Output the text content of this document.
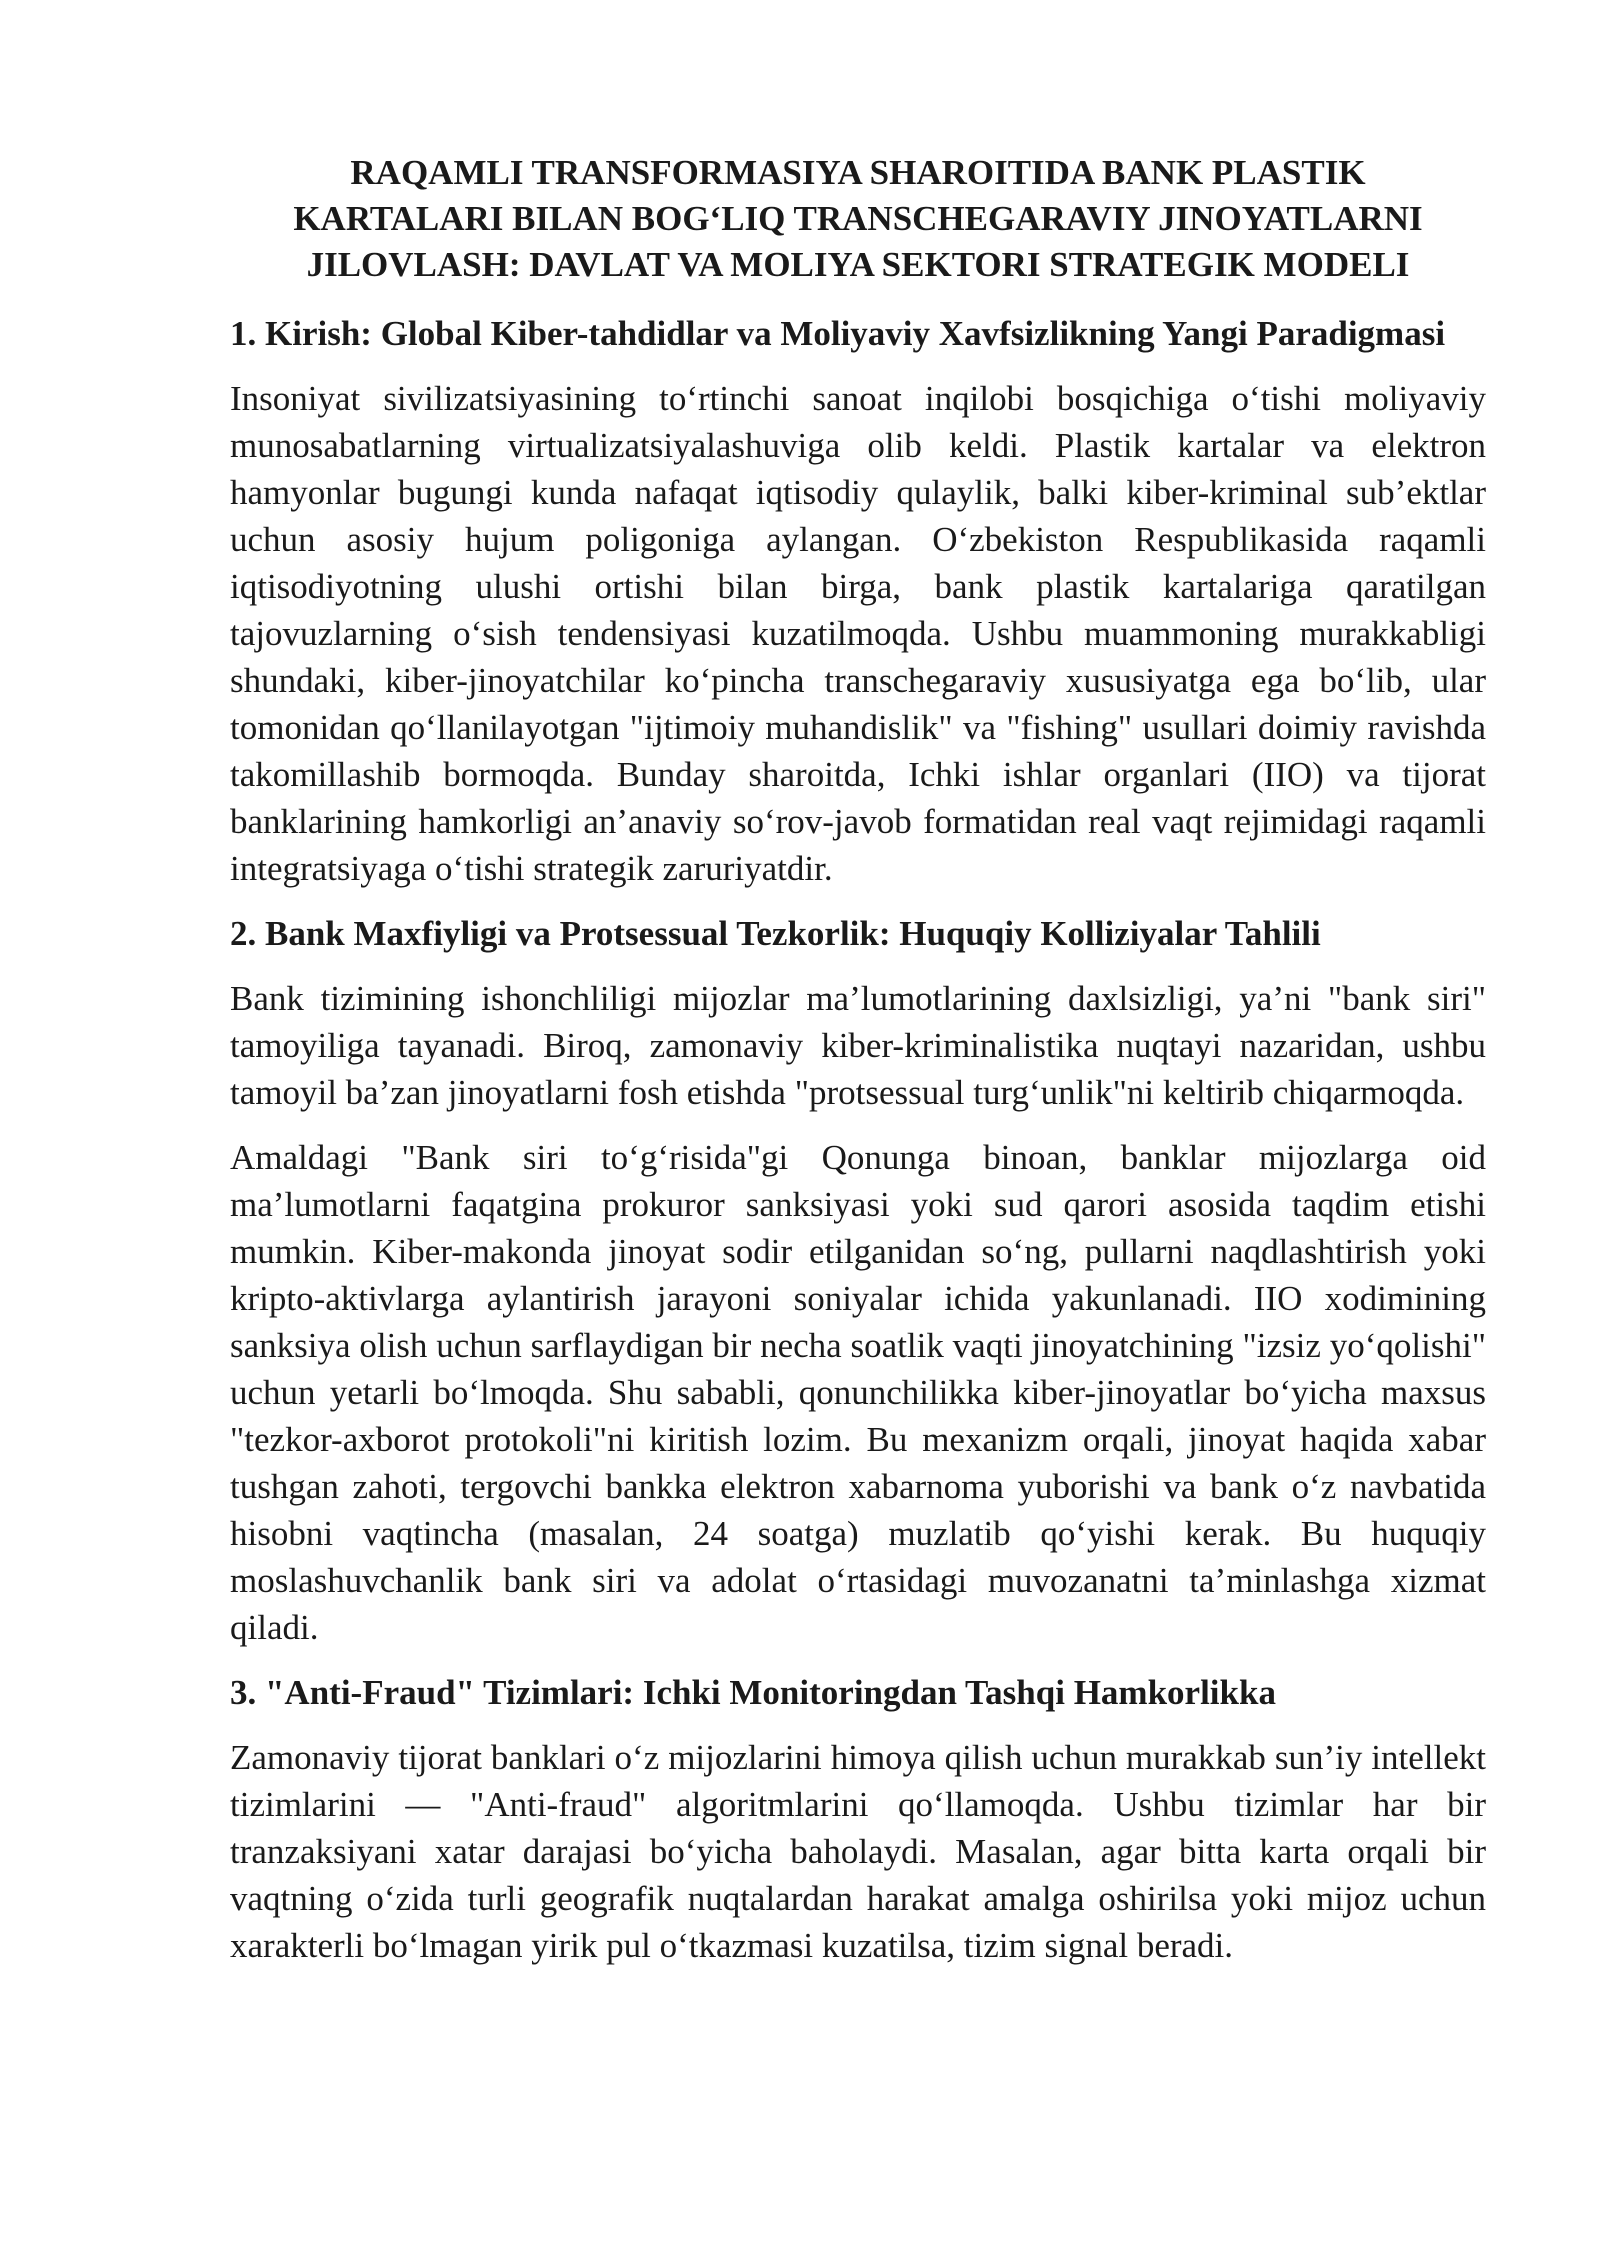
RAQAMLI TRANSFORMASIYA SHAROITIDA BANK PLASTIK
KARTALARI BILAN BOG‘LIQ TRANSCHEGARAVIY JINOYATLARNI
JILOVLASH: DAVLAT VA MOLIYA SEKTORI STRATEGIK MODELI
1. Kirish: Global Kiber-tahdidlar va Moliyaviy Xavfsizlikning Yangi Paradigmasi

Insoniyat sivilizatsiyasining to‘rtinchi sanoat inqilobi bosqichiga o‘tishi moliyaviy munosabatlarning virtualizatsiyalashuviga olib keldi. Plastik kartalar va elektron hamyonlar bugungi kunda nafaqat iqtisodiy qulaylik, balki kiber-kriminal sub’ektlar uchun asosiy hujum poligoniga aylangan. O‘zbekiston Respublikasida raqamli iqtisodiyotning ulushi ortishi bilan birga, bank plastik kartalariga qaratilgan tajovuzlarning o‘sish tendensiyasi kuzatilmoqda. Ushbu muammoning murakkabligi shundaki, kiber-jinoyatchilar ko‘pincha transchegaraviy xususiyatga ega bo‘lib, ular tomonidan qo‘llanilayotgan "ijtimoiy muhandislik" va "fishing" usullari doimiy ravishda takomillashib bormoqda. Bunday sharoitda, Ichki ishlar organlari (IIO) va tijorat banklarining hamkorligi an’anaviy so‘rov-javob formatidan real vaqt rejimidagi raqamli integratsiyaga o‘tishi strategik zaruriyatdir.

2. Bank Maxfiyligi va Protsessual Tezkorlik: Huquqiy Kolliziyalar Tahlili

Bank tizimining ishonchliligi mijozlar ma’lumotlarining daxlsizligi, ya’ni "bank siri" tamoyiliga tayanadi. Biroq, zamonaviy kiber-kriminalistika nuqtayi nazaridan, ushbu tamoyil ba’zan jinoyatlarni fosh etishda "protsessual turg‘unlik"ni keltirib chiqarmoqda.

Amaldagi "Bank siri to‘g‘risida"gi Qonunga binoan, banklar mijozlarga oid ma’lumotlarni faqatgina prokuror sanksiyasi yoki sud qarori asosida taqdim etishi mumkin. Kiber-makonda jinoyat sodir etilganidan so‘ng, pullarni naqdlashtirish yoki kripto-aktivlarga aylantirish jarayoni soniyalar ichida yakunlanadi. IIO xodimining sanksiya olish uchun sarflaydigan bir necha soatlik vaqti jinoyatchining "izsiz yo‘qolishi" uchun yetarli bo‘lmoqda. Shu sababli, qonunchilikka kiber-jinoyatlar bo‘yicha maxsus "tezkor-axborot protokoli"ni kiritish lozim. Bu mexanizm orqali, jinoyat haqida xabar tushgan zahoti, tergovchi bankka elektron xabarnoma yuborishi va bank o‘z navbatida hisobni vaqtincha (masalan, 24 soatga) muzlatib qo‘yishi kerak. Bu huquqiy moslashuvchanlik bank siri va adolat o‘rtasidagi muvozanatni ta’minlashga xizmat qiladi.

3. "Anti-Fraud" Tizimlari: Ichki Monitoringdan Tashqi Hamkorlikka

Zamonaviy tijorat banklari o‘z mijozlarini himoya qilish uchun murakkab sun’iy intellekt tizimlarini — "Anti-fraud" algoritmlarini qo‘llamoqda. Ushbu tizimlar har bir tranzaksiyani xatar darajasi bo‘yicha baholaydi. Masalan, agar bitta karta orqali bir vaqtning o‘zida turli geografik nuqtalardan harakat amalga oshirilsa yoki mijoz uchun xarakterli bo‘lmagan yirik pul o‘tkazmasi kuzatilsa, tizim signal beradi.
